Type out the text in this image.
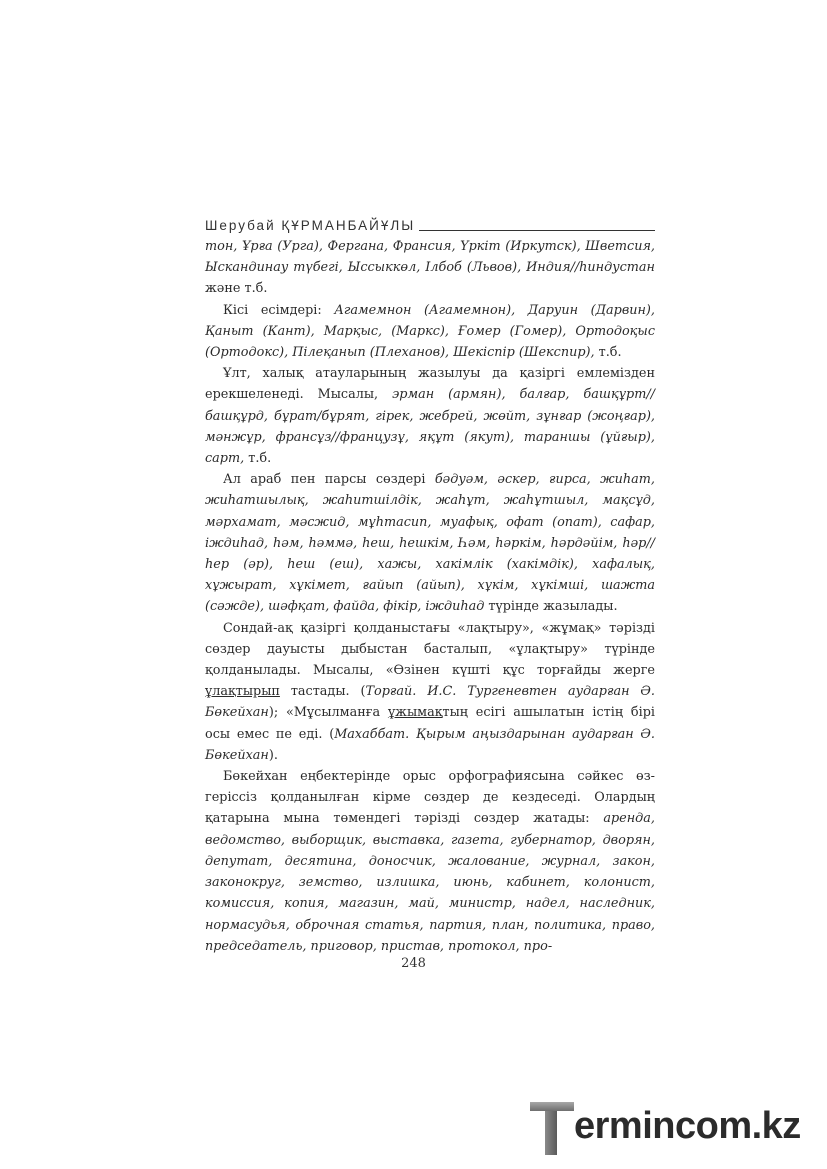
Шерубай ҚҰРМАНБАЙҰЛЫ

тон, Ұрға (Урга), Фергана, Франсия, Үркіт (Иркутск), Шветсия, Ыскандинау түбегі, Ыссыккөл, Ілбоб (Львов), Индия//һиндустан және т.б.

Кісі есімдері: Агамемнон (Агамемнон), Даруин (Дарвин), Қаныт (Кант), Марқыс, (Маркс), Ғомер (Гомер), Ортодоқыс (Ортодокс), Пілеқанып (Плеханов), Шекіспір (Шекспир), т.б.

Ұлт, халық атауларының жазылуы да қазіргі емлемізден ерекшеленеді. Мысалы, эрман (армян), балғар, башқұрт//башқұрд, бұрат/бұрят, гірек, жебрей, жөйт, зұнғар (жоңғар), мәнжұр, франсұз//французұ, яқұт (якут), тараншы (ұйғыр), сарт, т.б.

Ал араб пен парсы сөздері бәдуәм, әскер, ғирса, жиһат, жиһатшылық, жаһитшілдік, жаһұт, жаһұтшыл, мақсұд, мәрхамат, мәсжид, мұһтасип, муафық, офат (опат), сафар, іждиһад, һәм, һәммә, һеш, һешкім, Һәм, һәркім, һәрдәйім, һәр//һер (әр), һеш (еш), хажы, хакімлік (хакімдік), хафалық, хұжырат, хұкімет, ғайып (айып), хұкім, хұкімші, шажта (сәжде), шәфқат, файда, фікір, іждиһад түрінде жазылады.

Сондай-ақ қазіргі қолданыстағы «лақтыру», «жұмақ» тәрізді сөздер дауысты дыбыстан басталып, «ұлақтыру» түрінде қолданылады. Мысалы, «Өзінен күшті құс торғайды жерге ұлақтырып тастады. (Торғай. И.С. Тургеневтен аударған Ә. Бөкейхан); «Мұсылманға ұжымақтың есігі ашылатын істің бірі осы емес пе еді. (Махаббат. Қырым аңыздарынан аударған Ә. Бөкейхан).

Бөкейхан еңбектерінде орыс орфографиясына сәйкес өзгеріссіз қолданылған кірме сөздер де кездеседі. Олардың қатарына мына төмендегі тәрізді сөздер жатады: аренда, ведомство, выборщик, выставка, газета, губернатор, дворян, депутат, десятина, доносчик, жалование, журнал, закон, законокруг, земство, излишка, июнь, кабинет, колонист, комиссия, копия, магазин, май, министр, надел, наследник, нормасудья, оброчная статья, партия, план, политика, право, председатель, приговор, пристав, протокол, про-

248
ermincom.kz
